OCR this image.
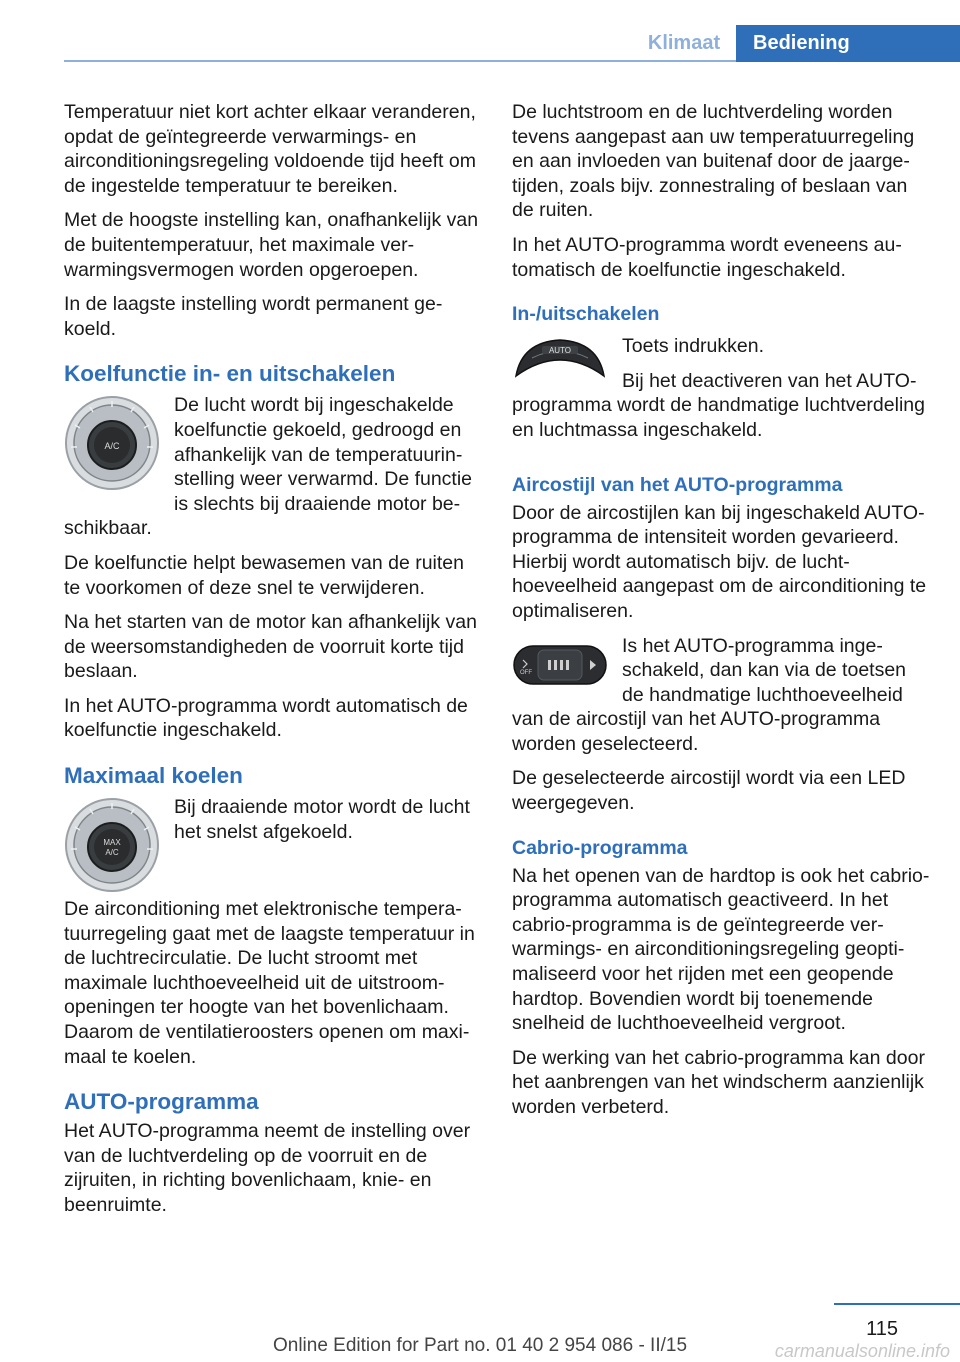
Klimaat	Bediening

Temperatuur niet kort achter elkaar veranderen, opdat de geïntegreerde verwarmings- en airconditioningsregeling voldoende tijd heeft om de ingestelde temperatuur te bereiken.

Met de hoogste instelling kan, onafhankelijk van de buitentemperatuur, het maximale verwarmingsvermogen worden opgeroepen.

In de laagste instelling wordt permanent gekoeld.

Koelfunctie in- en uitschakelen
A/C

De lucht wordt bij ingeschakelde koelfunctie gekoeld, gedroogd en afhankelijk van de temperatuurinstelling weer verwarmd. De functie is slechts bij draaiende motor beschikbaar.

De koelfunctie helpt bewasemen van de ruiten te voorkomen of deze snel te verwijderen.

Na het starten van de motor kan afhankelijk van de weersomstandigheden de voorruit korte tijd beslaan.

In het AUTO-programma wordt automatisch de koelfunctie ingeschakeld.

Maximaal koelen
MAX
A/C

Bij draaiende motor wordt de lucht het snelst afgekoeld.

De airconditioning met elektronische temperatuurregeling gaat met de laagste temperatuur in de luchtrecirculatie. De lucht stroomt met maximale luchthoeveelheid uit de uitstroomopeningen ter hoogte van het bovenlichaam. Daarom de ventilatieroosters openen om maximaal te koelen.

AUTO-programma

Het AUTO-programma neemt de instelling over van de luchtverdeling op de voorruit en de zijruiten, in richting bovenlichaam, knie- en beenruimte.

De luchtstroom en de luchtverdeling worden tevens aangepast aan uw temperatuurregeling en aan invloeden van buitenaf door de jaargetijden, zoals bijv. zonnestraling of beslaan van de ruiten.

In het AUTO-programma wordt eveneens automatisch de koelfunctie ingeschakeld.

In-/uitschakelen
AUTO	Toets indrukken.

Bij het deactiveren van het AUTO-programma wordt de handmatige luchtverdeling en luchtmassa ingeschakeld.

Aircostijl van het AUTO-programma

Door de aircostijlen kan bij ingeschakeld AUTO-programma de intensiteit worden gevarieerd. Hierbij wordt automatisch bijv. de luchthoeveelheid aangepast om de airconditioning te optimaliseren.

OFF

Is het AUTO-programma ingeschakeld, dan kan via de toetsen de handmatige luchthoeveelheid van de aircostijl van het AUTO-programma worden geselecteerd.

De geselecteerde aircostijl wordt via een LED weergegeven.

Cabrio-programma

Na het openen van de hardtop is ook het cabrio-programma automatisch geactiveerd. In het cabrio-programma is de geïntegreerde verwarmings- en airconditioningsregeling geoptimaliseerd voor het rijden met een geopende hardtop. Bovendien wordt bij toenemende snelheid de luchthoeveelheid vergroot.

De werking van het cabrio-programma kan door het aanbrengen van het windscherm aanzienlijk worden verbeterd.

115
Online Edition for Part no. 01 40 2 954 086 - II/15	carmanualsonline.info
